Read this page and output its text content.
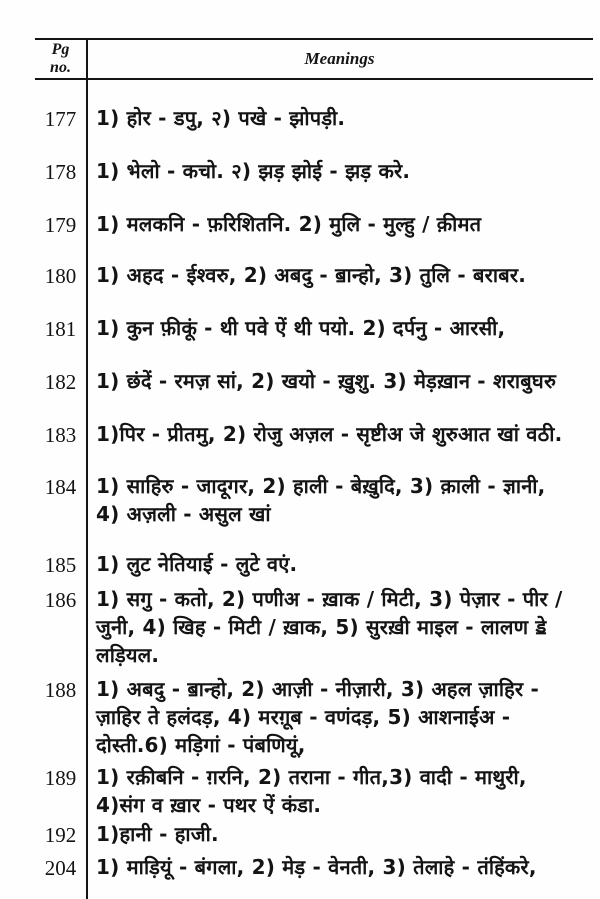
Pg
no.	Meanings
177 1) होर - डपु, २) पखे - झोपड़ी.
178 1) भेलो - कचो. २) झड़ झोई - झड़ करे.
179 1) मलकनि - फ़रिशितनि. 2) मुलि - मुल्हु / क़ीमत
180 1) अहद - ईश्वरु, 2) अबदु - ॿान्हो, 3) तुलि - बराबर.
181 1) कुन फ़ीकूं - थी पवे ऐं थी पयो. 2) दर्पनु - आरसी,
182 1) छंदें - रमज़ सां, 2) खयो - ख़ुशु. 3) मेड़ख़ान - शराबुघरु
183 1)पिर - प्रीतमु, 2) रोजु अज़ल - सृष्टीअ जे शुरुआत खां वठी.
184 1) साहिरु - जादूगर, 2) हाली - बेख़ुदि, 3) क़ाली - ज्ञानी, 4) अज़ली - असुल खां
185 1) लुट नेतियाई - लुटे वएं.
186 1) सगु - कतो, 2) पणीअ - ख़ाक / मिटी, 3) पेज़ार - पीर / जुनी, 4) खिह - मिटी / ख़ाक, 5) सुरख़ी माइल - लालण ॾे लड़ियल.
188 1) अबदु - ॿान्हो, 2) आज़ी - नीज़ारी, 3) अहल ज़ाहिर - ज़ाहिर ते हलंदड़, 4) मरग़ूब - वणंदड़, 5) आशनाईअ - दोस्ती.6) मड़िगां - पंबणियूं,
189 1) रक़ीबनि - ग़रनि, 2) तराना - गीत,3) वादी - माथुरी, 4)संग व ख़ार - पथर ऐं कंडा.
192 1)हानी - हाजी.
204 1) माड़ियूं - बंगला, 2) मेड़ - वेनती, 3) तेलाहे - तंहिंकरे,
